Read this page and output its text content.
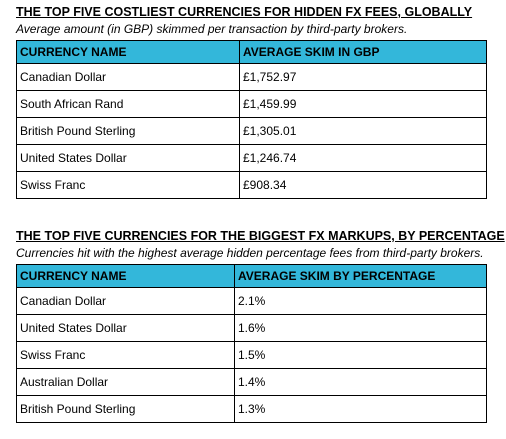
THE TOP FIVE COSTLIEST CURRENCIES FOR HIDDEN FX FEES, GLOBALLY

Average amount (in GBP) skimmed per transaction by third-party brokers.

CURRENCY NAME	AVERAGE SKIM IN GBP
Canadian Dollar	£1,752.97
South African Rand	£1,459.99
British Pound Sterling	£1,305.01
United States Dollar	£1,246.74
Swiss Franc	£908.34

THE TOP FIVE CURRENCIES FOR THE BIGGEST FX MARKUPS, BY PERCENTAGE

Currencies hit with the highest average hidden percentage fees from third-party brokers.

CURRENCY NAME	AVERAGE SKIM BY PERCENTAGE
Canadian Dollar	2.1%
United States Dollar	1.6%
Swiss Franc	1.5%
Australian Dollar	1.4%
British Pound Sterling	1.3%
